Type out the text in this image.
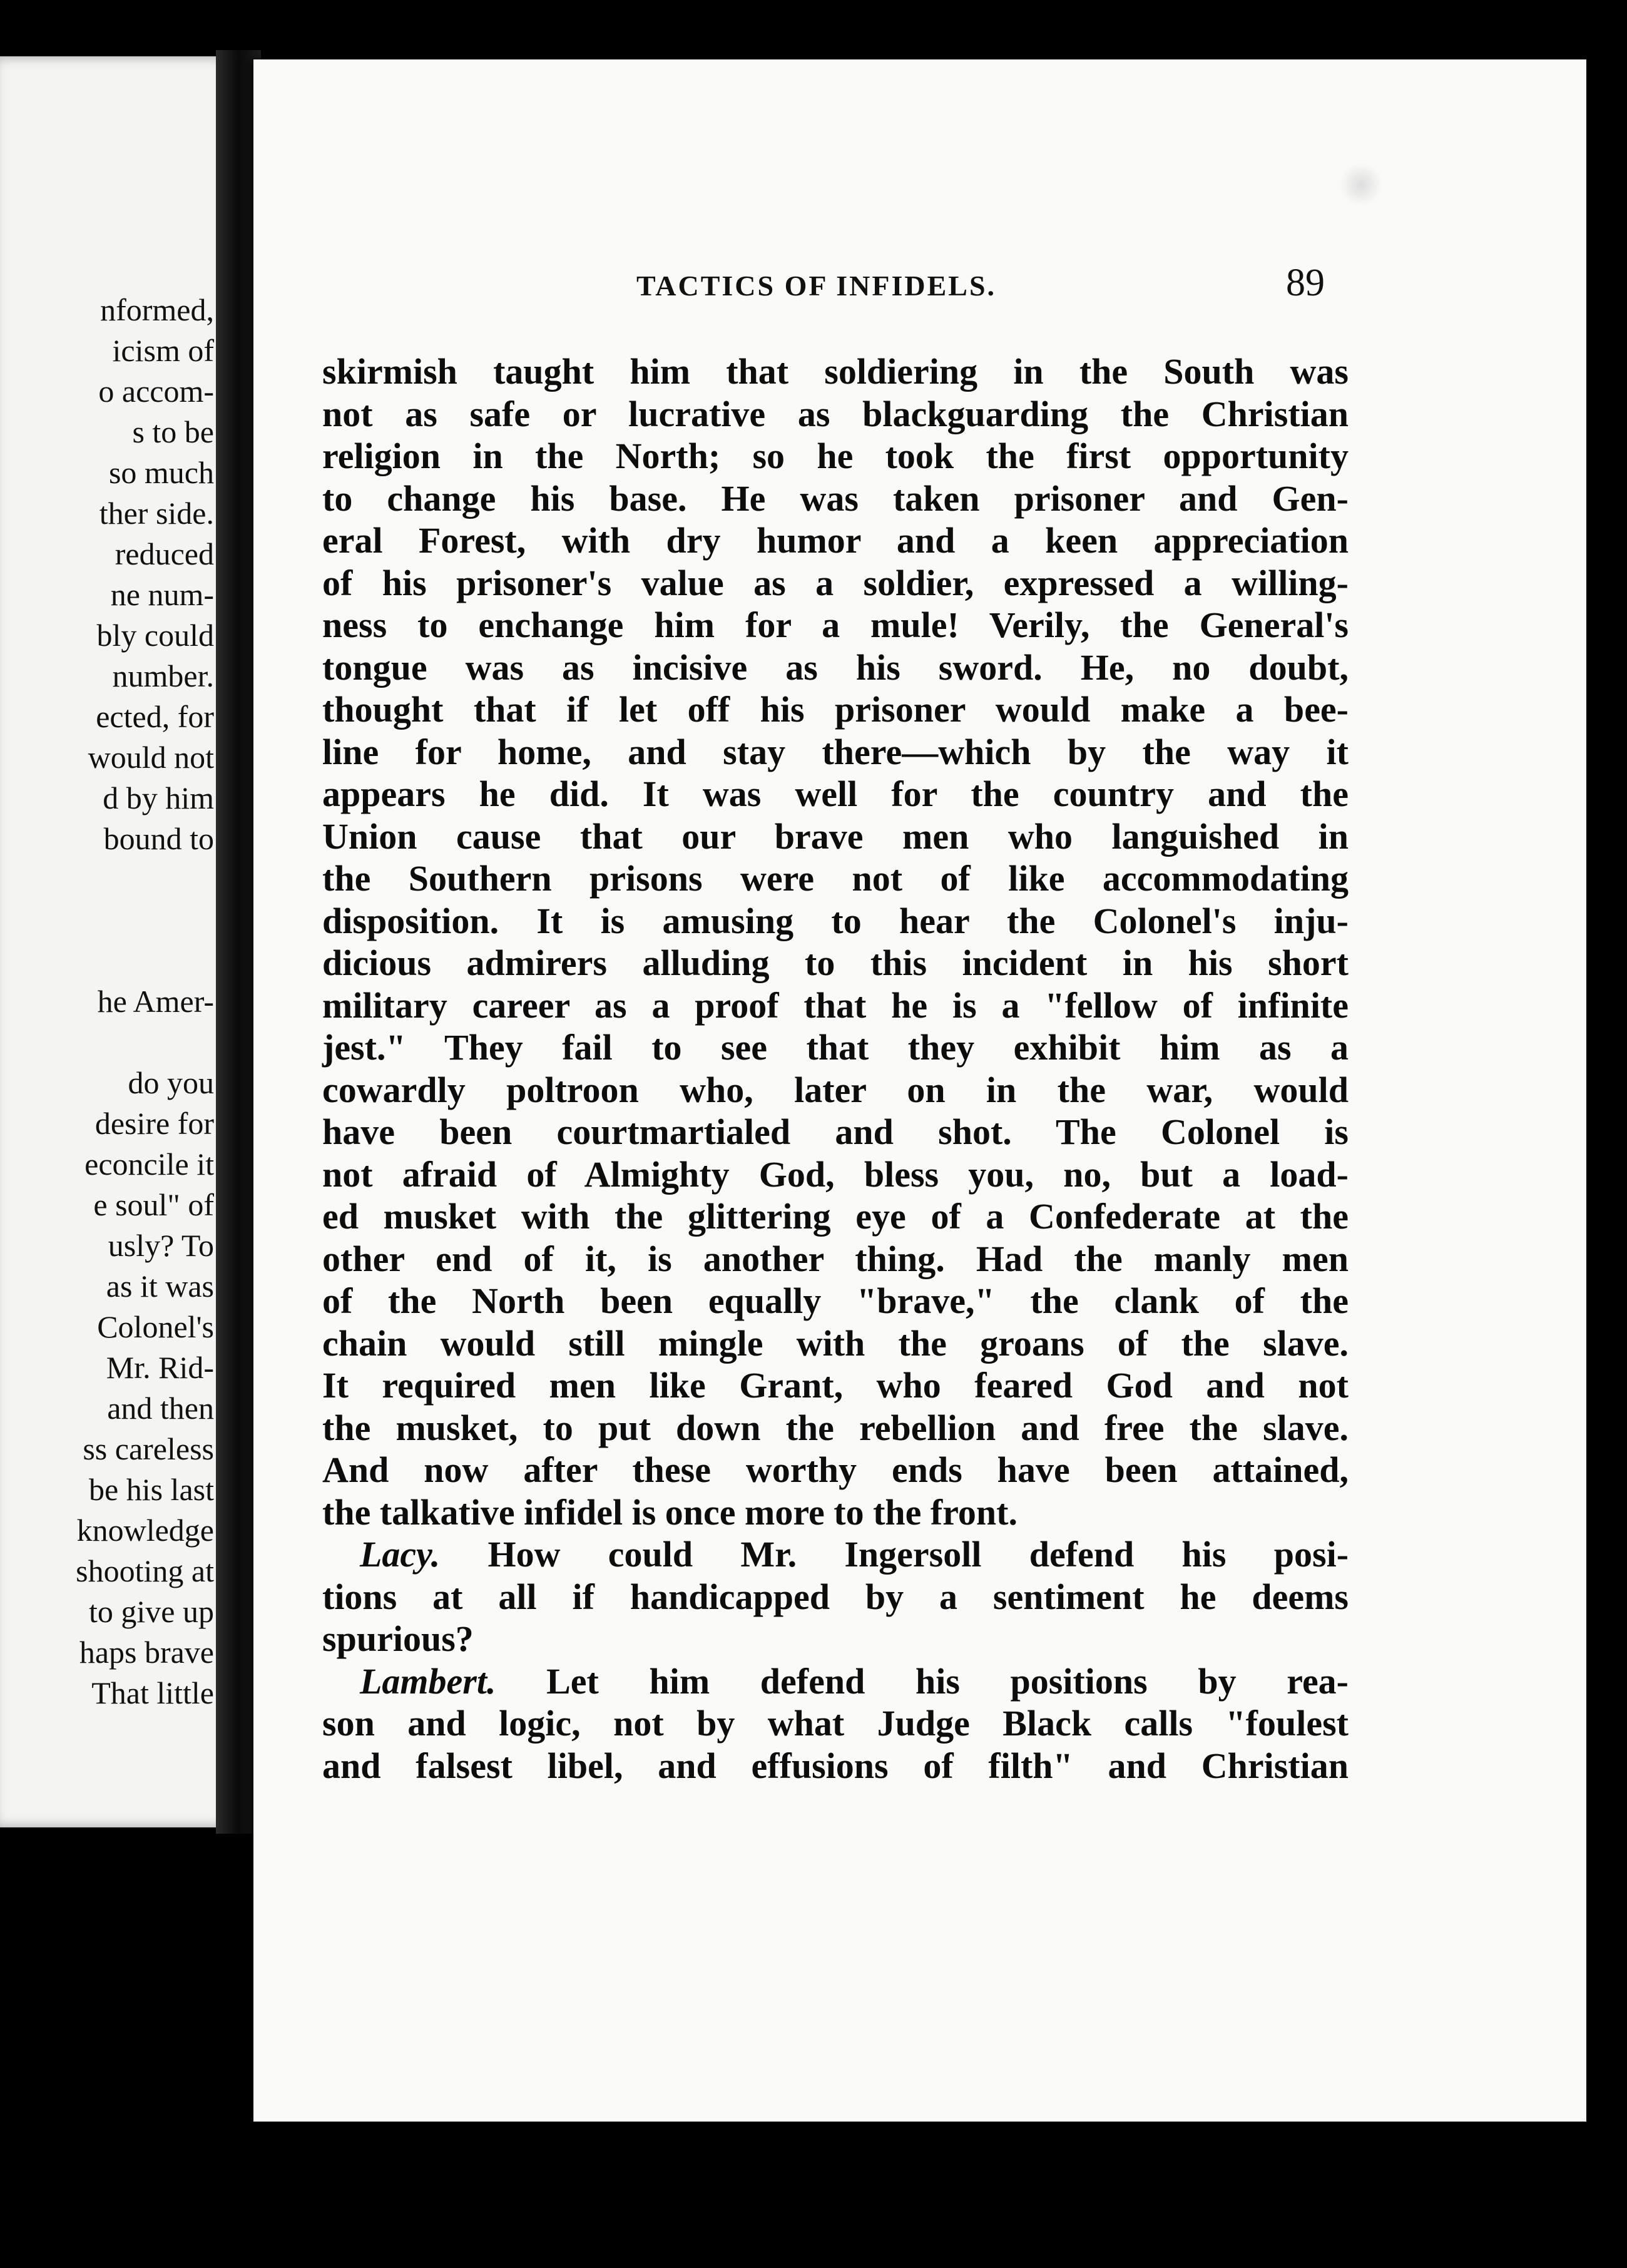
nformed,
icism of
o accom-
s to be
so much
ther side.
reduced
ne num-
bly could
number.
ected, for
would not
d by him
bound to
he Amer-
do you
desire for
econcile it
e soul" of
usly? To
as it was
Colonel's
Mr. Rid-
and then
ss careless
be his last
knowledge
shooting at
to give up
haps brave
That little
TACTICS OF INFIDELS.	89
skirmish taught him that soldiering in the South was
not as safe or lucrative as blackguarding the Christian
religion in the North; so he took the first opportunity
to change his base. He was taken prisoner and Gen-
eral Forest, with dry humor and a keen appreciation
of his prisoner's value as a soldier, expressed a willing-
ness to enchange him for a mule! Verily, the General's
tongue was as incisive as his sword. He, no doubt,
thought that if let off his prisoner would make a bee-
line for home, and stay there—which by the way it
appears he did. It was well for the country and the
Union cause that our brave men who languished in
the Southern prisons were not of like accommodating
disposition. It is amusing to hear the Colonel's inju-
dicious admirers alluding to this incident in his short
military career as a proof that he is a "fellow of infinite
jest." They fail to see that they exhibit him as a
cowardly poltroon who, later on in the war, would
have been courtmartialed and shot. The Colonel is
not afraid of Almighty God, bless you, no, but a load-
ed musket with the glittering eye of a Confederate at the
other end of it, is another thing. Had the manly men
of the North been equally "brave," the clank of the
chain would still mingle with the groans of the slave.
It required men like Grant, who feared God and not
the musket, to put down the rebellion and free the slave.
And now after these worthy ends have been attained,
the talkative infidel is once more to the front.
Lacy. How could Mr. Ingersoll defend his posi-
tions at all if handicapped by a sentiment he deems
spurious?
Lambert. Let him defend his positions by rea-
son and logic, not by what Judge Black calls "foulest
and falsest libel, and effusions of filth" and Christian
